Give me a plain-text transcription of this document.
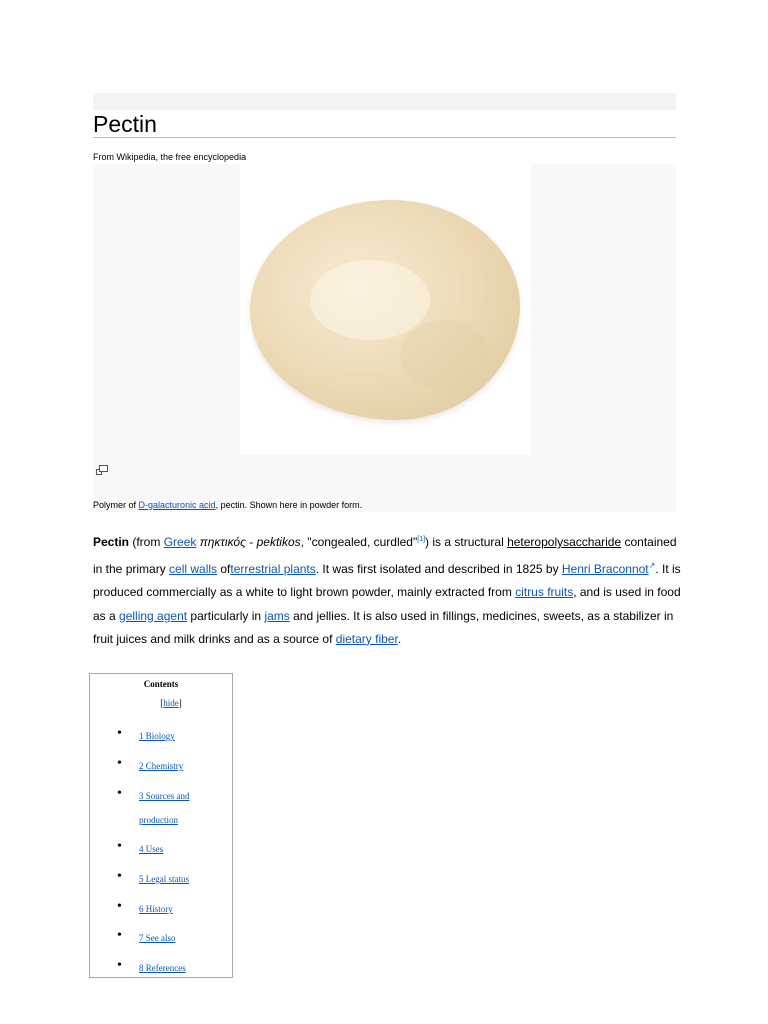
Pectin
From Wikipedia, the free encyclopedia
Polymer of D-galacturonic acid, pectin. Shown here in powder form.
Pectin (from Greek πηκτικός - pektikos, "congealed, curdled"[1]) is a structural heteropolysaccharide contained in the primary cell walls ofterrestrial plants. It was first isolated and described in 1825 by Henri Braconnot↗. It is produced commercially as a white to light brown powder, mainly extracted from citrus fruits, and is used in food as a gelling agent particularly in jams and jellies. It is also used in fillings, medicines, sweets, as a stabilizer in fruit juices and milk drinks and as a source of dietary fiber.
Contents
[hide]
• 1 Biology
• 2 Chemistry
• 3 Sources and production
• 4 Uses
• 5 Legal status
• 6 History
• 7 See also
• 8 References
